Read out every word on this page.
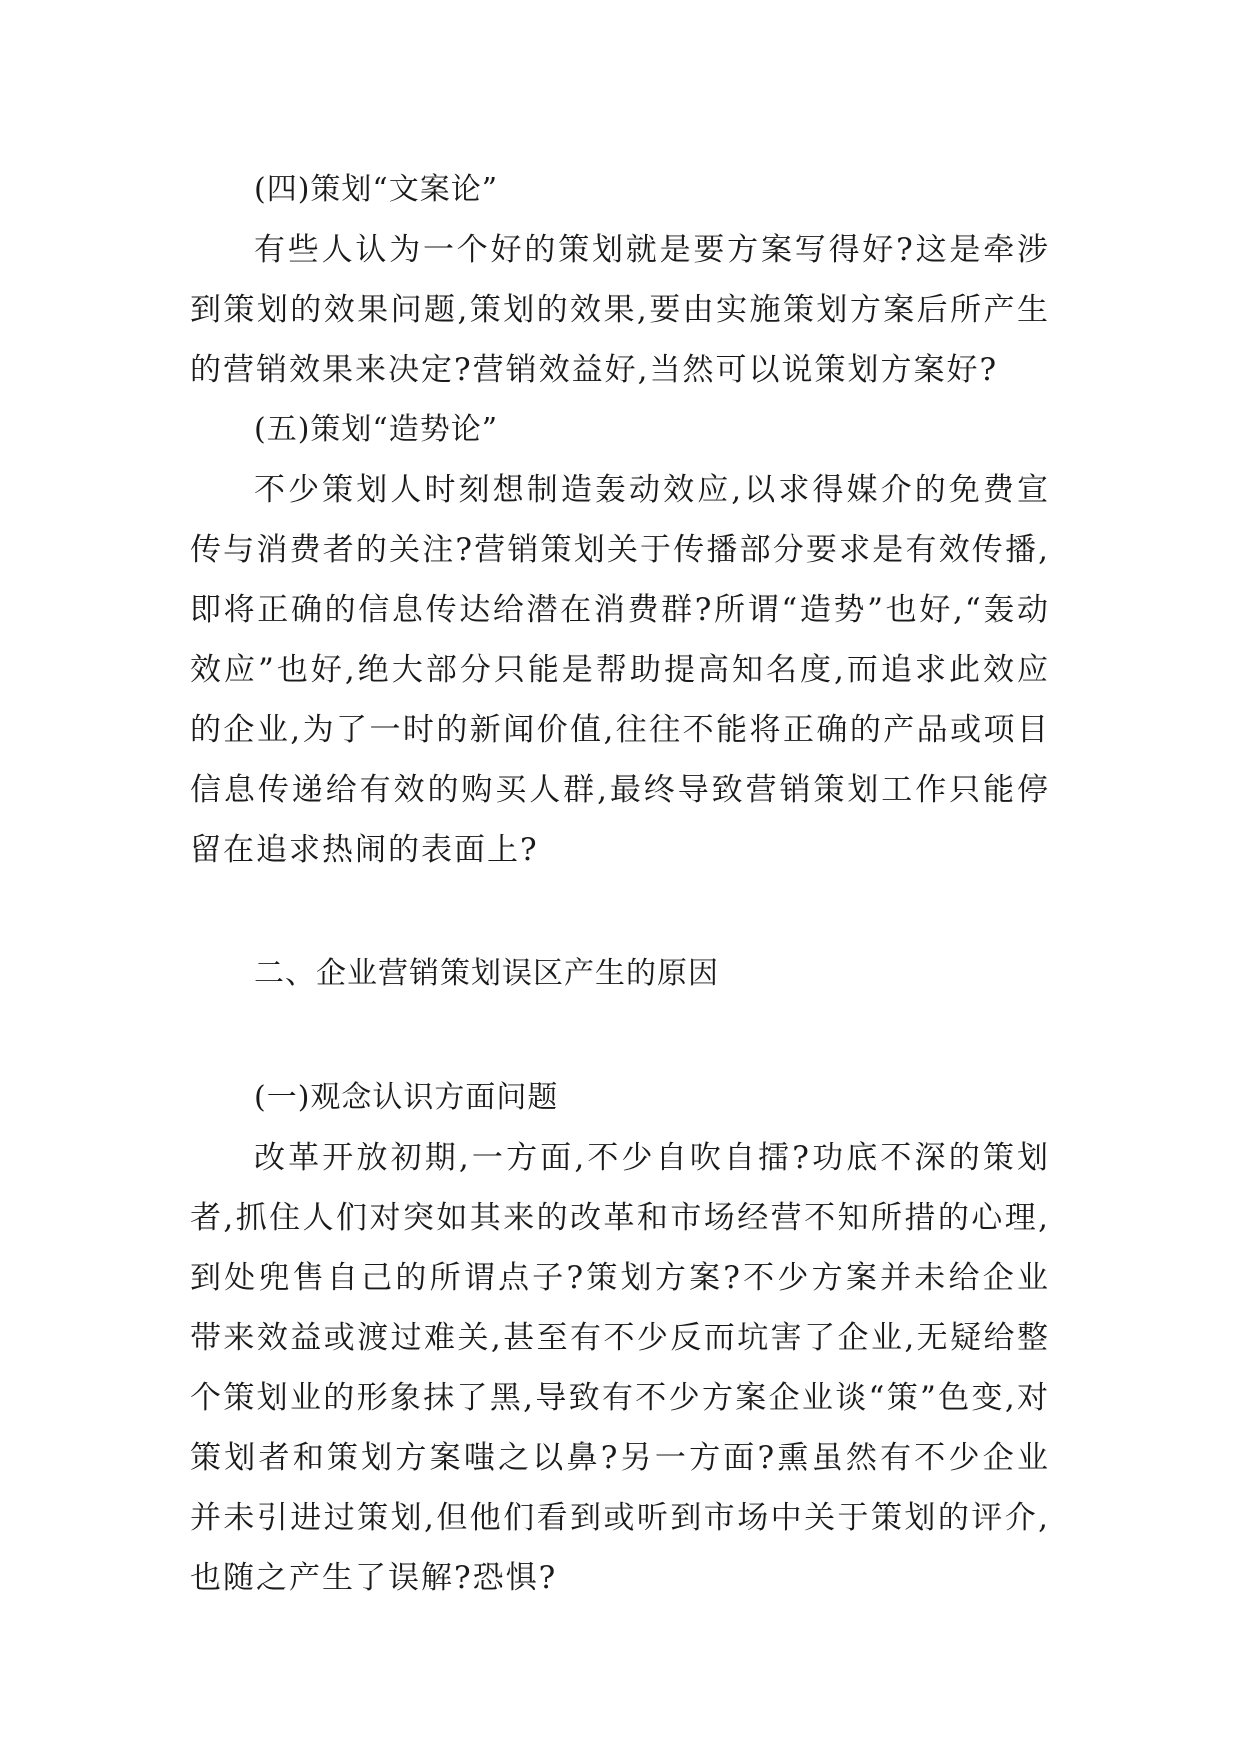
(四)策划“文案论”

有些人认为一个好的策划就是要方案写得好?这是牵涉到策划的效果问题,策划的效果,要由实施策划方案后所产生的营销效果来决定?营销效益好,当然可以说策划方案好?

(五)策划“造势论”

不少策划人时刻想制造轰动效应,以求得媒介的免费宣传与消费者的关注?营销策划关于传播部分要求是有效传播,即将正确的信息传达给潜在消费群?所谓“造势”也好,“轰动效应”也好,绝大部分只能是帮助提高知名度,而追求此效应的企业,为了一时的新闻价值,往往不能将正确的产品或项目信息传递给有效的购买人群,最终导致营销策划工作只能停留在追求热闹的表面上?

二、企业营销策划误区产生的原因
(一)观念认识方面问题

改革开放初期,一方面,不少自吹自擂?功底不深的策划者,抓住人们对突如其来的改革和市场经营不知所措的心理,到处兜售自己的所谓点子?策划方案?不少方案并未给企业带来效益或渡过难关,甚至有不少反而坑害了企业,无疑给整个策划业的形象抹了黑,导致有不少方案企业谈“策”色变,对策划者和策划方案嗤之以鼻?另一方面?熏虽然有不少企业并未引进过策划,但他们看到或听到市场中关于策划的评介,也随之产生了误解?恐惧?
